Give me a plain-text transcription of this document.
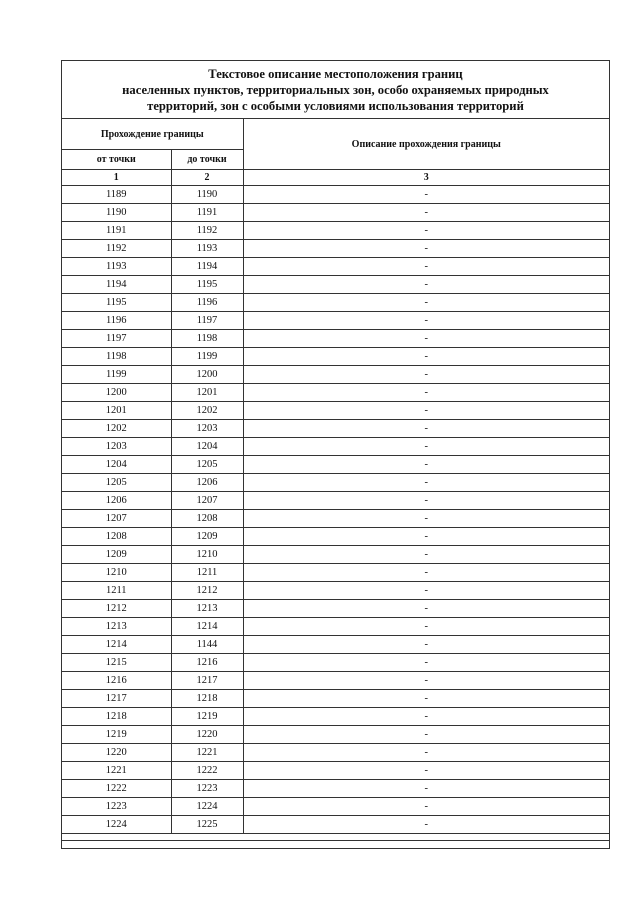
Текстовое описание местоположения границ
населенных пунктов, территориальных зон, особо охраняемых природных
территорий, зон с особыми условиями использования территорий
Прохождение границы		Описание прохождения границы
от точки	до точки	
1	2	3
1189	1190	-
1190	1191	-
1191	1192	-
1192	1193	-
1193	1194	-
1194	1195	-
1195	1196	-
1196	1197	-
1197	1198	-
1198	1199	-
1199	1200	-
1200	1201	-
1201	1202	-
1202	1203	-
1203	1204	-
1204	1205	-
1205	1206	-
1206	1207	-
1207	1208	-
1208	1209	-
1209	1210	-
1210	1211	-
1211	1212	-
1212	1213	-
1213	1214	-
1214	1144	-
1215	1216	-
1216	1217	-
1217	1218	-
1218	1219	-
1219	1220	-
1220	1221	-
1221	1222	-
1222	1223	-
1223	1224	-
1224	1225	-
